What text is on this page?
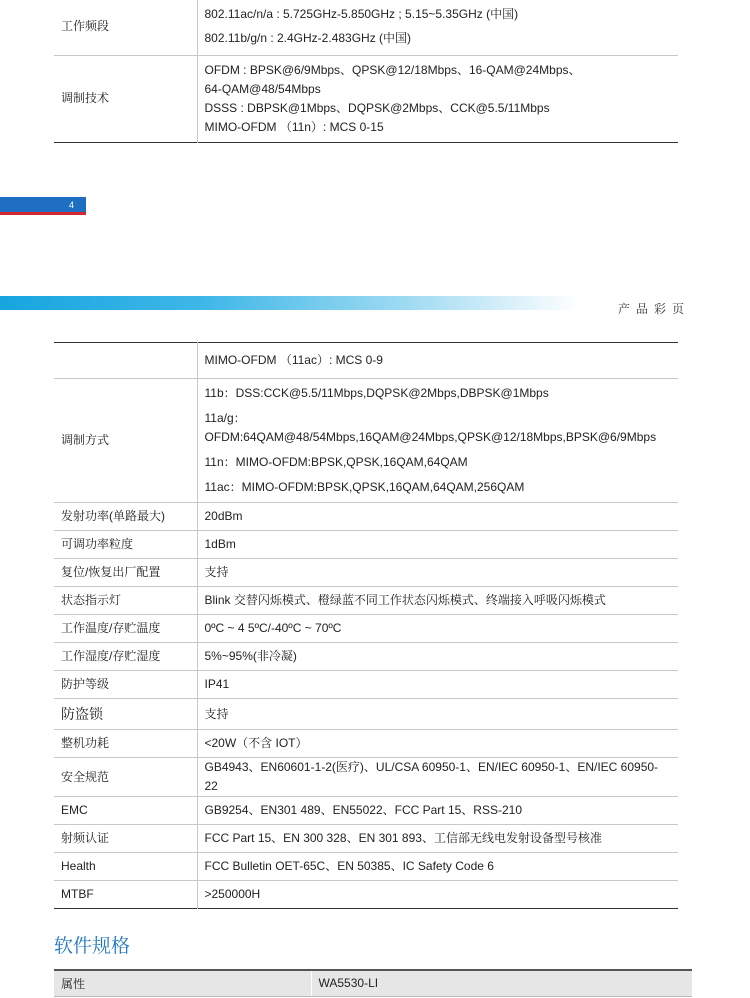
工作频段	802.11ac/n/a : 5.725GHz-5.850GHz ; 5.15~5.35GHz (中国)
802.11b/g/n : 2.4GHz-2.483GHz (中国)

调制技术	OFDM : BPSK@6/9Mbps、QPSK@12/18Mbps、16-QAM@24Mbps、
64-QAM@48/54Mbps
DSSS : DBPSK@1Mbps、DQPSK@2Mbps、CCK@5.5/11Mbps
MIMO-OFDM （11n）: MCS 0-15
4
产品彩页
	MIMO-OFDM （11ac）: MCS 0-9
调制方式	11b：DSS:CCK@5.5/11Mbps,DQPSK@2Mbps,DBPSK@1Mbps
11a/g：
OFDM:64QAM@48/54Mbps,16QAM@24Mbps,QPSK@12/18Mbps,BPSK@6/9Mbps
11n：MIMO-OFDM:BPSK,QPSK,16QAM,64QAM
11ac：MIMO-OFDM:BPSK,QPSK,16QAM,64QAM,256QAM

发射功率(单路最大)	20dBm
可调功率粒度	1dBm
复位/恢复出厂配置	支持
状态指示灯	Blink 交替闪烁模式、橙绿蓝不同工作状态闪烁模式、终端接入呼吸闪烁模式
工作温度/存贮温度	0ºC ~ 4 5ºC/-40ºC ~ 70ºC
工作湿度/存贮湿度	5%~95%(非冷凝)
防护等级	IP41
防盗锁	支持
整机功耗	<20W（不含 IOT）
安全规范	GB4943、EN60601-1-2(医疗)、UL/CSA 60950-1、EN/IEC 60950-1、EN/IEC 60950-22
EMC	GB9254、EN301 489、EN55022、FCC Part 15、RSS-210
射频认证	FCC Part 15、EN 300 328、EN 301 893、工信部无线电发射设备型号核准
Health	FCC Bulletin OET-65C、EN 50385、IC Safety Code 6
MTBF	>250000H
软件规格
属性	WA5530-LI
